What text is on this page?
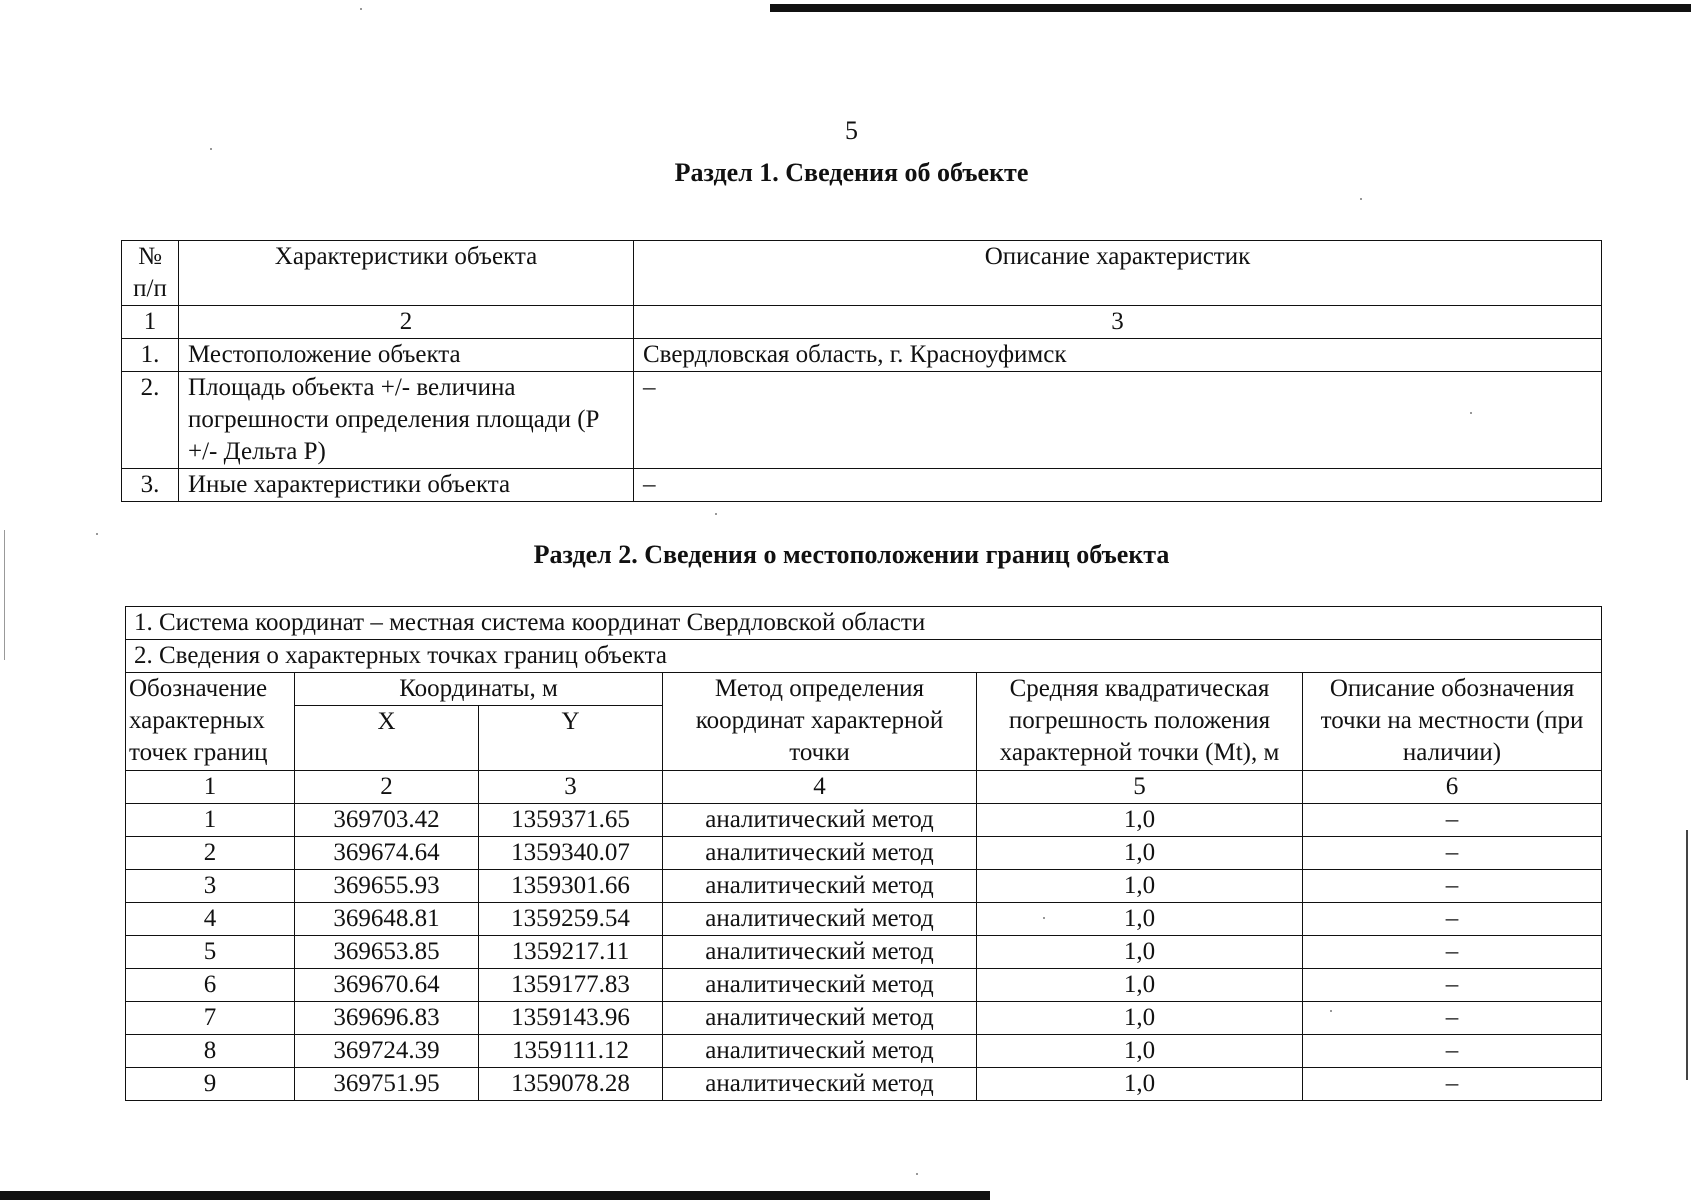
5
Раздел 1. Сведения об объекте
№ п/п	Характеристики объекта	Описание характеристик
1	2	3
1.	Местоположение объекта	Свердловская область, г. Красноуфимск
2.	Площадь объекта +/- величина погрешности определения площади (Р +/- Дельта Р)	–
3.	Иные характеристики объекта	–
Раздел 2. Сведения о местоположении границ объекта
1. Система координат – местная система координат Свердловской области					
2. Сведения о характерных точках границ объекта					
Обозначение характерных точек границ	Координаты, м		Метод определения координат характерной точки	Средняя квадратическая погрешность положения характерной точки (Mt), м	Описание обозначения точки на местности (при наличии)
	X	Y			
1	2	3	4	5	6
1	369703.42	1359371.65	аналитический метод	1,0	–
2	369674.64	1359340.07	аналитический метод	1,0	–
3	369655.93	1359301.66	аналитический метод	1,0	–
4	369648.81	1359259.54	аналитический метод	1,0	–
5	369653.85	1359217.11	аналитический метод	1,0	–
6	369670.64	1359177.83	аналитический метод	1,0	–
7	369696.83	1359143.96	аналитический метод	1,0	–
8	369724.39	1359111.12	аналитический метод	1,0	–
9	369751.95	1359078.28	аналитический метод	1,0	–
